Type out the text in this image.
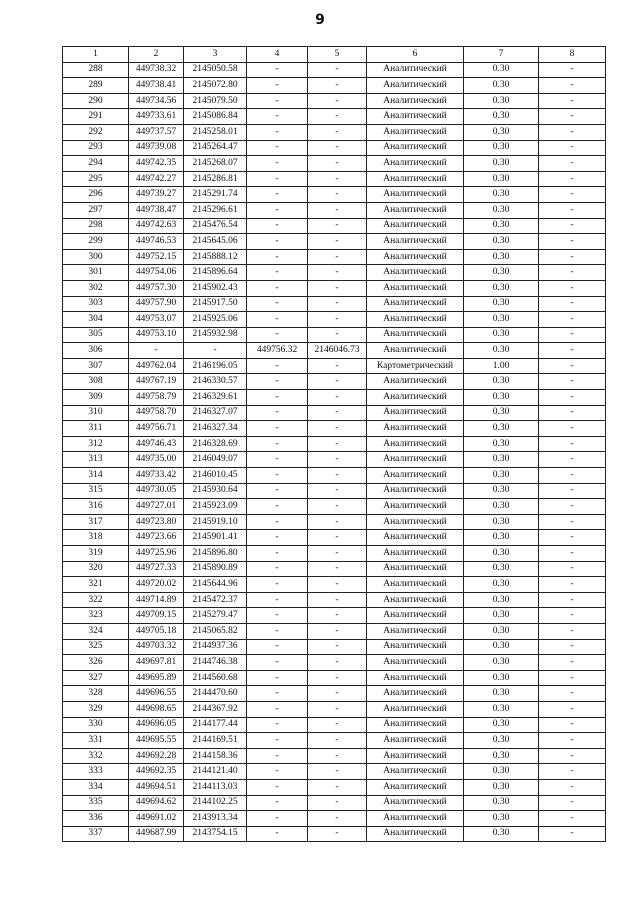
9
1	2	3	4	5	6	7	8
288	449738.32	2145050.58	-	-	Аналитический	0.30	-
289	449738.41	2145072.80	-	-	Аналитический	0.30	-
290	449734.56	2145079.50	-	-	Аналитический	0.30	-
291	449733.61	2145086.84	-	-	Аналитический	0.30	-
292	449737.57	2145258.01	-	-	Аналитический	0.30	-
293	449739.08	2145264.47	-	-	Аналитический	0.30	-
294	449742.35	2145268.07	-	-	Аналитический	0.30	-
295	449742.27	2145286.81	-	-	Аналитический	0.30	-
296	449739.27	2145291.74	-	-	Аналитический	0.30	-
297	449738.47	2145296.61	-	-	Аналитический	0.30	-
298	449742.63	2145476.54	-	-	Аналитический	0.30	-
299	449746.53	2145645.06	-	-	Аналитический	0.30	-
300	449752.15	2145888.12	-	-	Аналитический	0.30	-
301	449754.06	2145896.64	-	-	Аналитический	0.30	-
302	449757.30	2145902.43	-	-	Аналитический	0.30	-
303	449757.90	2145917.50	-	-	Аналитический	0.30	-
304	449753.07	2145925.06	-	-	Аналитический	0.30	-
305	449753.10	2145932.98	-	-	Аналитический	0.30	-
306	-	-	449756.32	2146046.73	Аналитический	0.30	-
307	449762.04	2146196.05	-	-	Картометрический	1.00	-
308	449767.19	2146330.57	-	-	Аналитический	0.30	-
309	449758.79	2146329.61	-	-	Аналитический	0.30	-
310	449758.70	2146327.07	-	-	Аналитический	0.30	-
311	449756.71	2146327.34	-	-	Аналитический	0.30	-
312	449746.43	2146328.69	-	-	Аналитический	0.30	-
313	449735.00	2146049.07	-	-	Аналитический	0.30	-
314	449733.42	2146010.45	-	-	Аналитический	0.30	-
315	449730.05	2145930.64	-	-	Аналитический	0.30	-
316	449727.01	2145923.09	-	-	Аналитический	0.30	-
317	449723.80	2145919.10	-	-	Аналитический	0.30	-
318	449723.66	2145901.41	-	-	Аналитический	0.30	-
319	449725.96	2145896.80	-	-	Аналитический	0.30	-
320	449727.33	2145890.89	-	-	Аналитический	0.30	-
321	449720.02	2145644.96	-	-	Аналитический	0.30	-
322	449714.89	2145472.37	-	-	Аналитический	0.30	-
323	449709.15	2145279.47	-	-	Аналитический	0.30	-
324	449705.18	2145065.82	-	-	Аналитический	0.30	-
325	449703.32	2144937.36	-	-	Аналитический	0.30	-
326	449697.81	2144746.38	-	-	Аналитический	0.30	-
327	449695.89	2144560.68	-	-	Аналитический	0.30	-
328	449696.55	2144470.60	-	-	Аналитический	0.30	-
329	449698.65	2144367.92	-	-	Аналитический	0.30	-
330	449696.05	2144177.44	-	-	Аналитический	0.30	-
331	449695.55	2144169.51	-	-	Аналитический	0.30	-
332	449692.28	2144158.36	-	-	Аналитический	0.30	-
333	449692.35	2144121.40	-	-	Аналитический	0.30	-
334	449694.51	2144113.03	-	-	Аналитический	0.30	-
335	449694.62	2144102.25	-	-	Аналитический	0.30	-
336	449691.02	2143913.34	-	-	Аналитический	0.30	-
337	449687.99	2143754.15	-	-	Аналитический	0.30	-
